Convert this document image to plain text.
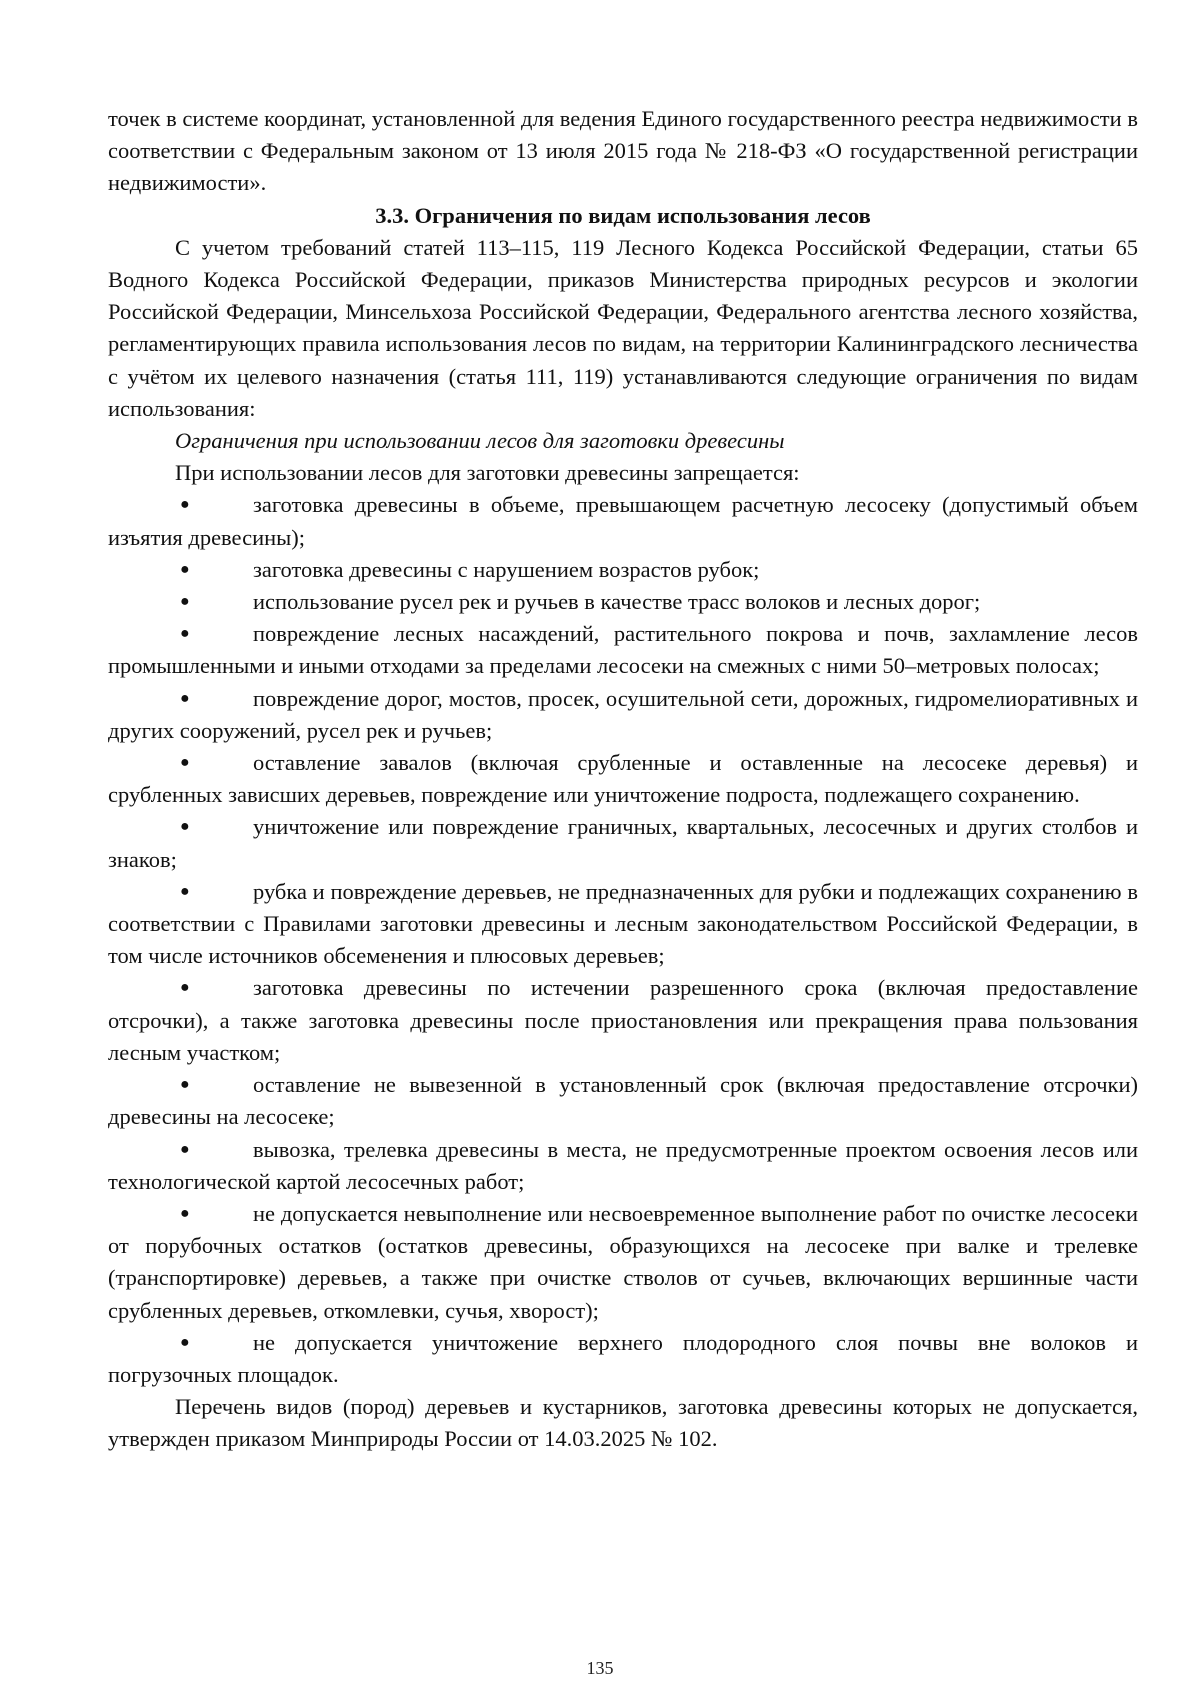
точек в системе координат, установленной для ведения Единого государственного реестра недвижимости в соответствии с Федеральным законом от 13 июля 2015 года № 218-ФЗ «О государственной регистрации недвижимости».

3.3. Ограничения по видам использования лесов

С учетом требований статей 113–115, 119 Лесного Кодекса Российской Федерации, статьи 65 Водного Кодекса Российской Федерации, приказов Министерства природных ресурсов и экологии Российской Федерации, Минсельхоза Российской Федерации, Федерального агентства лесного хозяйства, регламентирующих правила использования лесов по видам, на территории Калининградского лесничества с учётом их целевого назначения (статья 111, 119) устанавливаются следующие ограничения по видам использования:

Ограничения при использовании лесов для заготовки древесины

При использовании лесов для заготовки древесины запрещается:

●	заготовка древесины в объеме, превышающем расчетную лесосеку (допустимый объем изъятия древесины);

●	заготовка древесины с нарушением возрастов рубок;

●	использование русел рек и ручьев в качестве трасс волоков и лесных дорог;

●	повреждение лесных насаждений, растительного покрова и почв, захламление лесов промышленными и иными отходами за пределами лесосеки на смежных с ними 50–метровых полосах;

●	повреждение дорог, мостов, просек, осушительной сети, дорожных, гидромелиоративных и других сооружений, русел рек и ручьев;

●	оставление завалов (включая срубленные и оставленные на лесосеке деревья) и срубленных зависших деревьев, повреждение или уничтожение подроста, подлежащего сохранению.

●	уничтожение или повреждение граничных, квартальных, лесосечных и других столбов и знаков;

●	рубка и повреждение деревьев, не предназначенных для рубки и подлежащих сохранению в соответствии с Правилами заготовки древесины и лесным законодательством Российской Федерации, в том числе источников обсеменения и плюсовых деревьев;

●	заготовка древесины по истечении разрешенного срока (включая предоставление отсрочки), а также заготовка древесины после приостановления или прекращения права пользования лесным участком;

●	оставление не вывезенной в установленный срок (включая предоставление отсрочки) древесины на лесосеке;

●	вывозка, трелевка древесины в места, не предусмотренные проектом освоения лесов или технологической картой лесосечных работ;

●	не допускается невыполнение или несвоевременное выполнение работ по очистке лесосеки от порубочных остатков (остатков древесины, образующихся на лесосеке при валке и трелевке (транспортировке) деревьев, а также при очистке стволов от сучьев, включающих вершинные части срубленных деревьев, откомлевки, сучья, хворост);

●	не допускается уничтожение верхнего плодородного слоя почвы вне волоков и погрузочных площадок.

Перечень видов (пород) деревьев и кустарников, заготовка древесины которых не допускается, утвержден приказом Минприроды России от 14.03.2025 № 102.

135
